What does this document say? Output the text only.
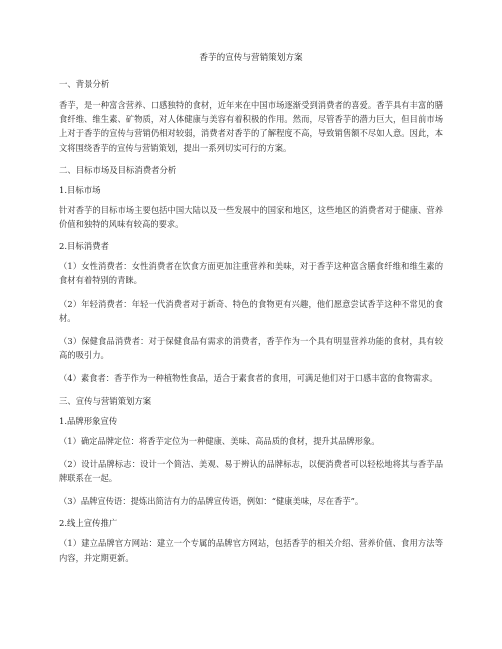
香芋的宣传与营销策划方案
一、背景分析
香芋，是一种富含营养、口感独特的食材，近年来在中国市场逐渐受到消费者的喜爱。香芋具有丰富的膳食纤维、维生素、矿物质，对人体健康与美容有着积极的作用。然而，尽管香芋的潜力巨大，但目前市场上对于香芋的宣传与营销仍相对较弱，消费者对香芋的了解程度不高，导致销售额不尽如人意。因此，本文将围绕香芋的宣传与营销策划，提出一系列切实可行的方案。
二、目标市场及目标消费者分析
1.目标市场
针对香芋的目标市场主要包括中国大陆以及一些发展中的国家和地区，这些地区的消费者对于健康、营养价值和独特的风味有较高的要求。
2.目标消费者
（1）女性消费者：女性消费者在饮食方面更加注重营养和美味，对于香芋这种富含膳食纤维和维生素的食材有着特别的青睐。
（2）年轻消费者：年轻一代消费者对于新奇、特色的食物更有兴趣，他们愿意尝试香芋这种不常见的食材。
（3）保健食品消费者：对于保健食品有需求的消费者，香芋作为一个具有明显营养功能的食材，具有较高的吸引力。
（4）素食者：香芋作为一种植物性食品，适合于素食者的食用，可满足他们对于口感丰富的食物需求。
三、宣传与营销策划方案
1.品牌形象宣传
（1）确定品牌定位：将香芋定位为一种健康、美味、高品质的食材，提升其品牌形象。
（2）设计品牌标志：设计一个简洁、美观、易于辨认的品牌标志，以便消费者可以轻松地将其与香芋品牌联系在一起。
（3）品牌宣传语：提炼出简洁有力的品牌宣传语，例如：“健康美味，尽在香芋”。
2.线上宣传推广
（1）建立品牌官方网站：建立一个专属的品牌官方网站，包括香芋的相关介绍、营养价值、食用方法等内容，并定期更新。
